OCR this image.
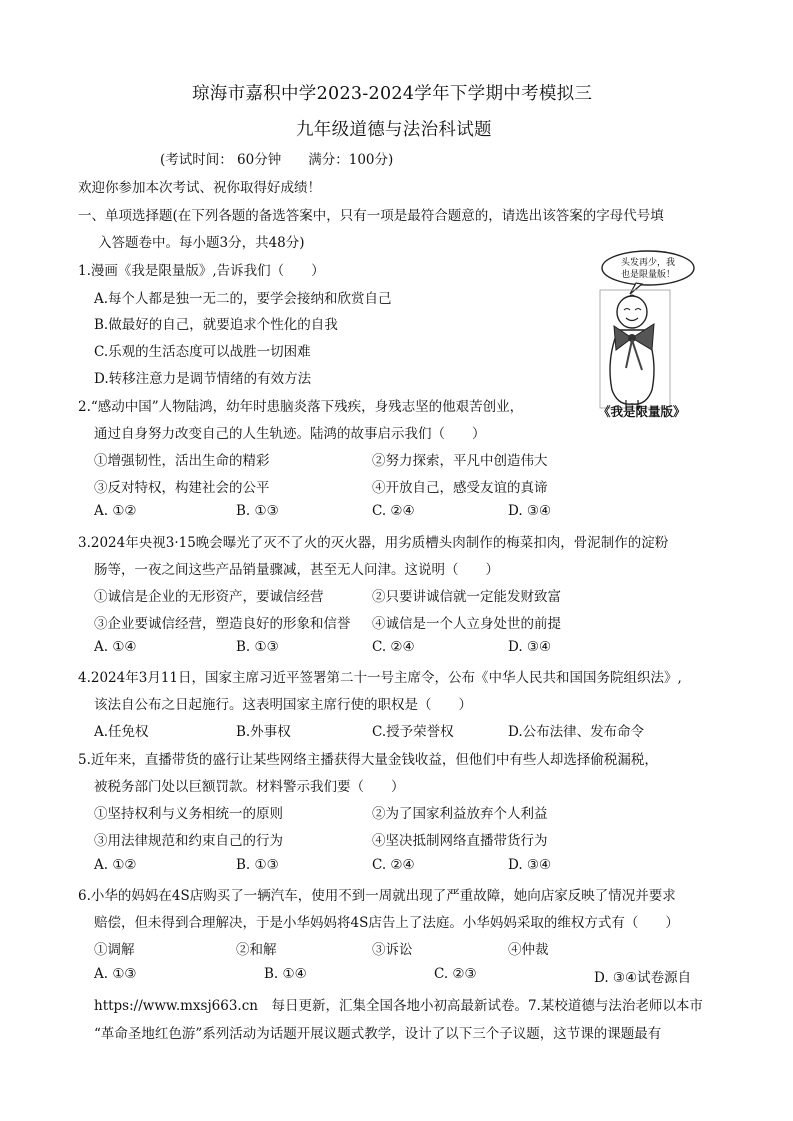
琼海市嘉积中学2023-2024学年下学期中考模拟三
九年级道德与法治科试题
(考试时间： 60分钟　　满分：100分)
欢迎你参加本次考试、祝你取得好成绩！
一、单项选择题(在下列各题的备选答案中，只有一项是最符合题意的，请选出该答案的字母代号填
入答题卷中。每小题3分，共48分)
头发再少，我
也是限量版！
《我是限量版》
1.漫画《我是限量版》,告诉我们（　　）
A.每个人都是独一无二的，要学会接纳和欣赏自己
B.做最好的自己，就要追求个性化的自我
C.乐观的生活态度可以战胜一切困难
D.转移注意力是调节情绪的有效方法
2.“感动中国”人物陆鸿，幼年时患脑炎落下残疾，身残志坚的他艰苦创业，
通过自身努力改变自己的人生轨迹。陆鸿的故事启示我们（　　）
①增强韧性，活出生命的精彩	②努力探索，平凡中创造伟大
③反对特权，构建社会的公平	④开放自己，感受友谊的真谛
A. ①②	B. ①③	C. ②④	D. ③④
3.2024年央视3·15晚会曝光了灭不了火的灭火器，用劣质槽头肉制作的梅菜扣肉，骨泥制作的淀粉
肠等，一夜之间这些产品销量骤减，甚至无人问津。这说明（　　）
①诚信是企业的无形资产，要诚信经营	②只要讲诚信就一定能发财致富
③企业要诚信经营，塑造良好的形象和信誉 ④诚信是一个人立身处世的前提
A. ①④	B. ①③	C. ②④	D. ③④
4.2024年3月11日，国家主席习近平签署第二十一号主席令，公布《中华人民共和国国务院组织法》,
该法自公布之日起施行。这表明国家主席行使的职权是（　　）
A.任免权	B.外事权	C.授予荣誉权	D.公布法律、发布命令
5.近年来，直播带货的盛行让某些网络主播获得大量金钱收益，但他们中有些人却选择偷税漏税，
被税务部门处以巨额罚款。材料警示我们要（　　）
①坚持权利与义务相统一的原则	②为了国家利益放弃个人利益
③用法律规范和约束自己的行为	④坚决抵制网络直播带货行为
A. ①②	B. ①③	C. ②④	D. ③④
6.小华的妈妈在4S店购买了一辆汽车，使用不到一周就出现了严重故障，她向店家反映了情况并要求
赔偿，但未得到合理解决，于是小华妈妈将4S店告上了法庭。小华妈妈采取的维权方式有（　　）
①调解	②和解	③诉讼	④仲裁
A. ①③	B. ①④	C. ②③	D. ③④试卷源自
https://www.mxsj663.cn　每日更新，汇集全国各地小初高最新试卷。7.某校道德与法治老师以本市
“革命圣地红色游”系列活动为话题开展议题式教学，设计了以下三个子议题，这节课的课题最有
